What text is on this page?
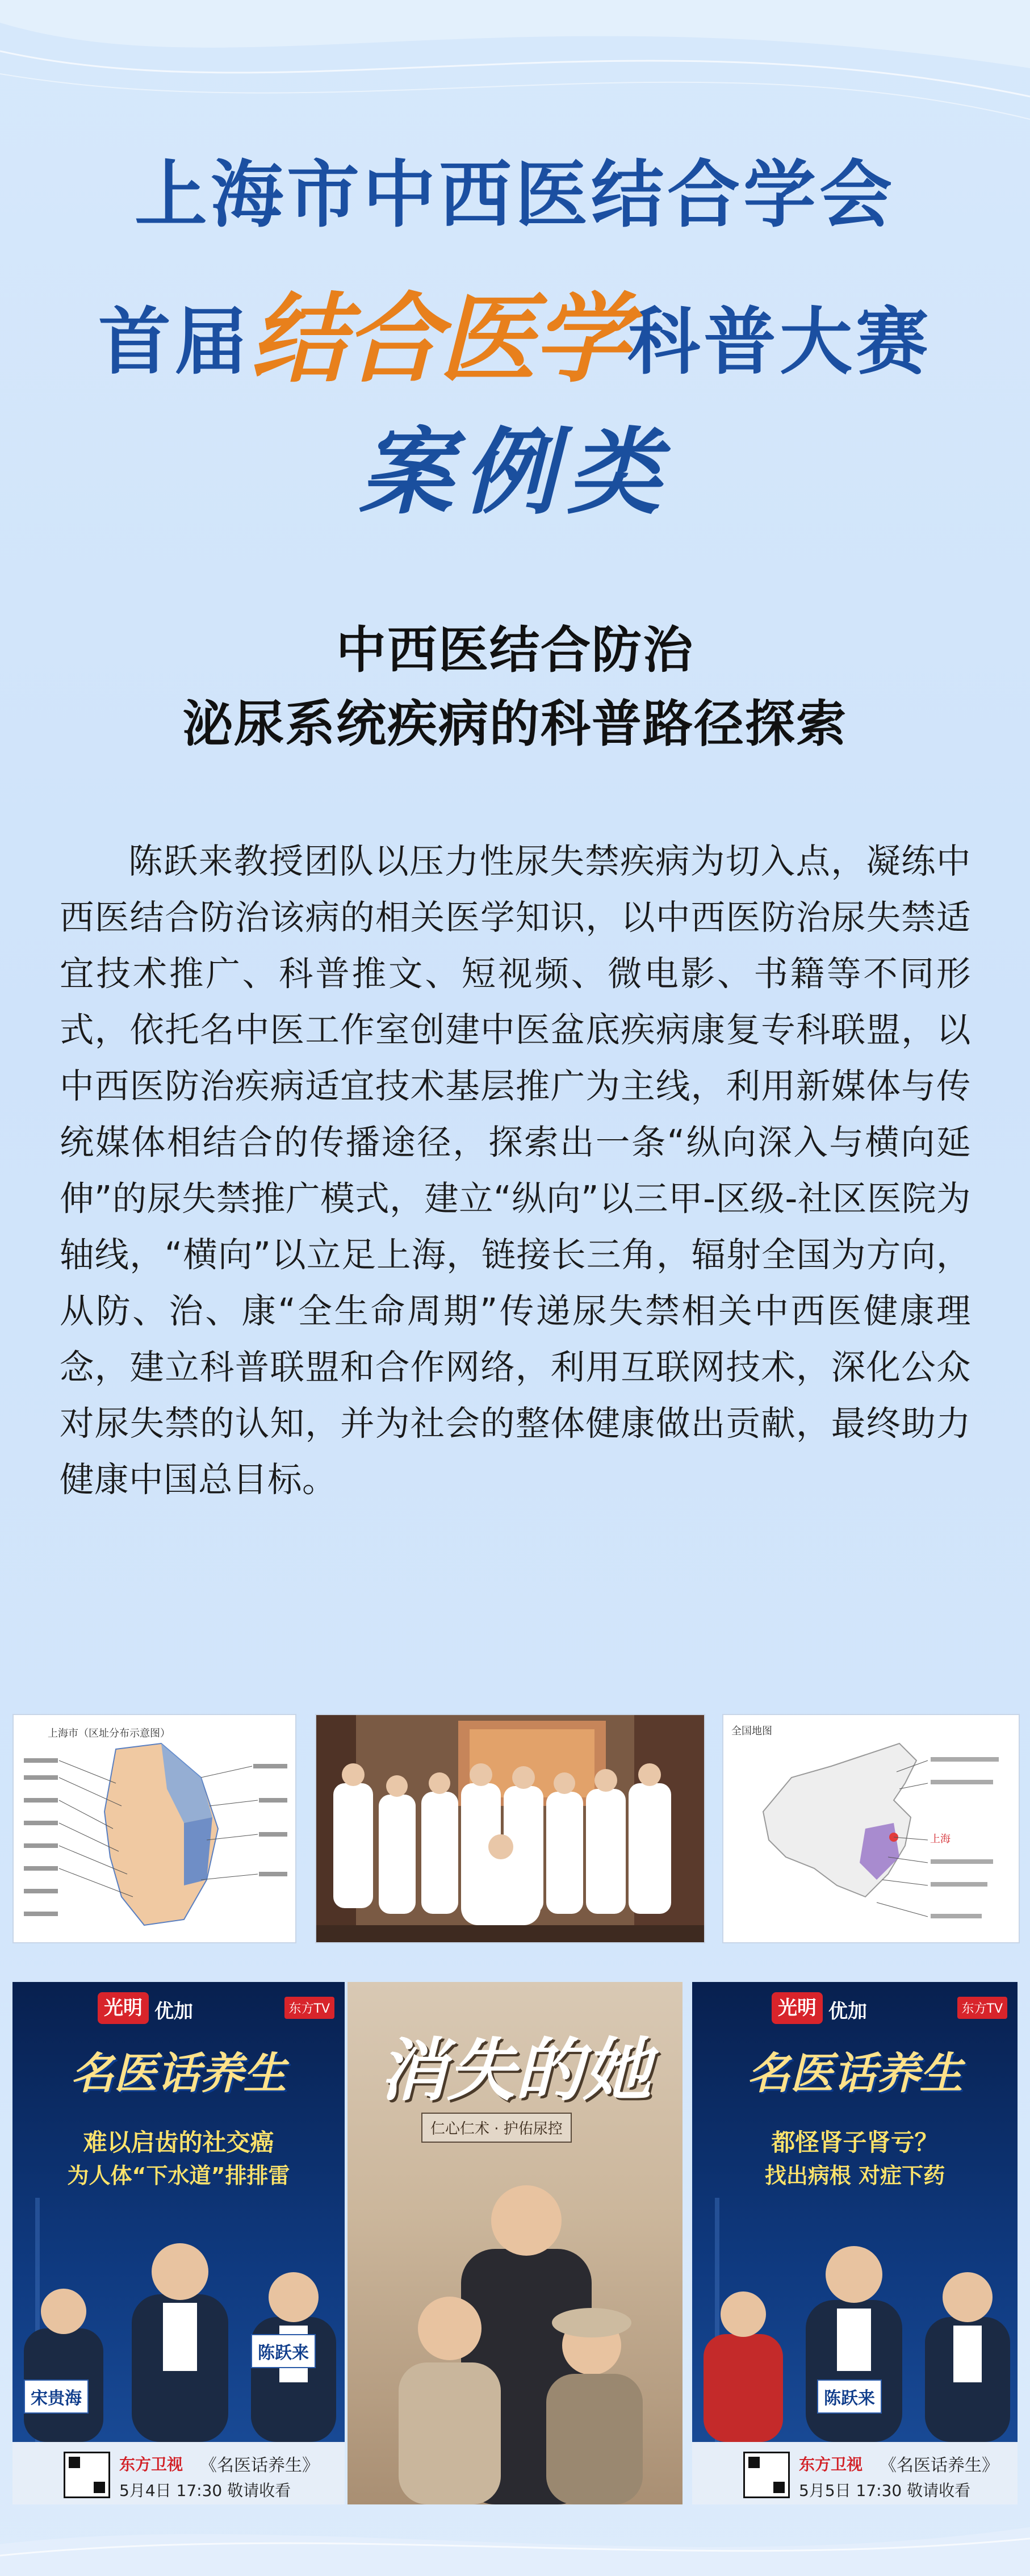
上海市中西医结合学会
首届结合医学科普大赛
案例类
中西医结合防治
泌尿系统疾病的科普路径探索
陈跃来教授团队以压力性尿失禁疾病为切入点，凝练中西医结合防治该病的相关医学知识，以中西医防治尿失禁适宜技术推广、科普推文、短视频、微电影、书籍等不同形式，依托名中医工作室创建中医盆底疾病康复专科联盟，以中西医防治疾病适宜技术基层推广为主线，利用新媒体与传统媒体相结合的传播途径，探索出一条“纵向深入与横向延伸”的尿失禁推广模式，建立“纵向”以三甲-区级-社区医院为轴线，“横向”以立足上海，链接长三角，辐射全国为方向，从防、治、康“全生命周期”传递尿失禁相关中西医健康理念，建立科普联盟和合作网络，利用互联网技术，深化公众对尿失禁的认知，并为社会的整体健康做出贡献，最终助力健康中国总目标。
上海市（区址分布示意图）	全国地图
上海
光明 优加	东方TV
名医话养生
难以启齿的社交癌
为人体“下水道”排排雷
宋贵海
陈跃来
东方卫视 《名医话养生》
5月4日 17:30 敬请收看
消失的她
仁心仁术 · 护佑尿控
光明 优加	东方TV
名医话养生
都怪肾子肾亏？
找出病根 对症下药
陈跃来
东方卫视 《名医话养生》
5月5日 17:30 敬请收看
